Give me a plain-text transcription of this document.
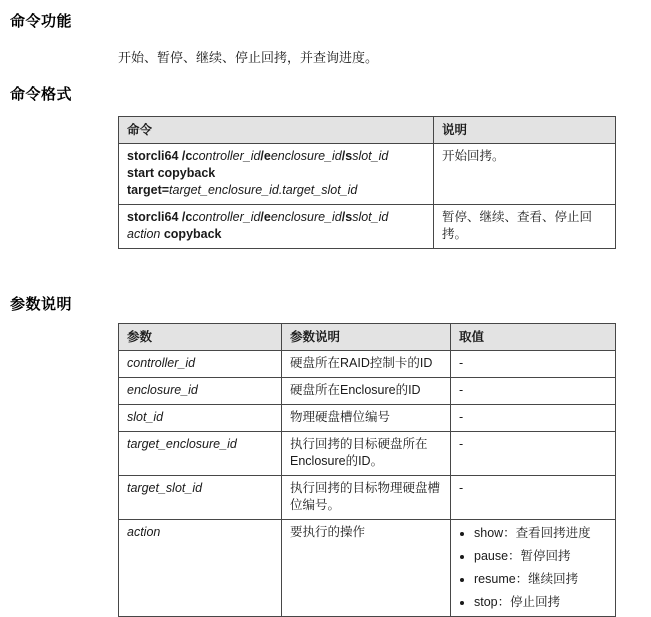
命令功能

开始、暂停、继续、停止回拷，并查询进度。

命令格式
命令	说明
storcli64 /ccontroller_id/eenclosure_id/sslot_id
start copyback
target=target_enclosure_id.target_slot_id	开始回拷。
storcli64 /ccontroller_id/eenclosure_id/sslot_id
action copyback	暂停、继续、查看、停止回拷。
参数说明
参数	参数说明	取值
controller_id	硬盘所在RAID控制卡的ID	-
enclosure_id	硬盘所在Enclosure的ID	-
slot_id	物理硬盘槽位编号	-
target_enclosure_id	执行回拷的目标硬盘所在Enclosure的ID。	-
target_slot_id	执行回拷的目标物理硬盘槽位编号。	-
action	要执行的操作	
•show：查看回拷进度
• pause：暂停回拷
• resume：继续回拷
• stop：停止回拷
